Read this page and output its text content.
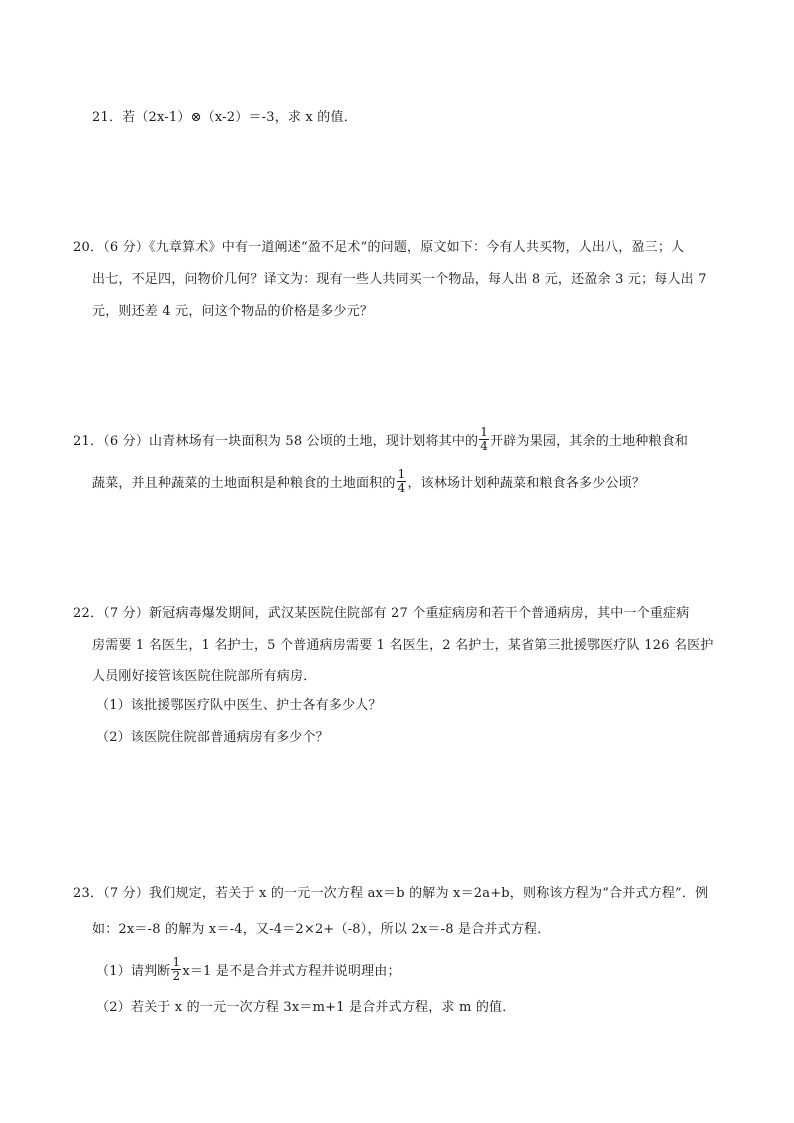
21．若（2x-1）⊗（x-2）＝-3，求 x 的值．
20．（6 分）《九章算术》中有一道阐述“盈不足术”的问题，原文如下：今有人共买物，人出八，盈三；人
出七，不足四，问物价几何？译文为：现有一些人共同买一个物品，每人出 8 元，还盈余 3 元；每人出 7
元，则还差 4 元，问这个物品的价格是多少元？
21．（6 分）山青林场有一块面积为 58 公顷的土地，现计划将其中的 $\frac{1}{4}$ 开辟为果园，其余的土地种粮食和
蔬菜，并且种蔬菜的土地面积是种粮食的土地面积的 $\frac{1}{4}$ ，该林场计划种蔬菜和粮食各多少公顷？
22．（7 分）新冠病毒爆发期间，武汉某医院住院部有 27 个重症病房和若干个普通病房，其中一个重症病
房需要 1 名医生，1 名护士，5 个普通病房需要 1 名医生，2 名护士，某省第三批援鄂医疗队 126 名医护
人员刚好接管该医院住院部所有病房．
（1）该批援鄂医疗队中医生、护士各有多少人？
（2）该医院住院部普通病房有多少个？
23．（7 分）我们规定，若关于 x 的一元一次方程 ax＝b 的解为 x＝2a+b，则称该方程为“合并式方程”．例
如：2x＝-8 的解为 x＝-4，又-4＝2×2+（-8），所以 2x＝-8 是合并式方程．
（1）请判断 $\frac{1}{2} x=1$ 是不是合并式方程并说明理由；
（2）若关于 x 的一元一次方程 3x＝m+1 是合并式方程，求 m 的值．
